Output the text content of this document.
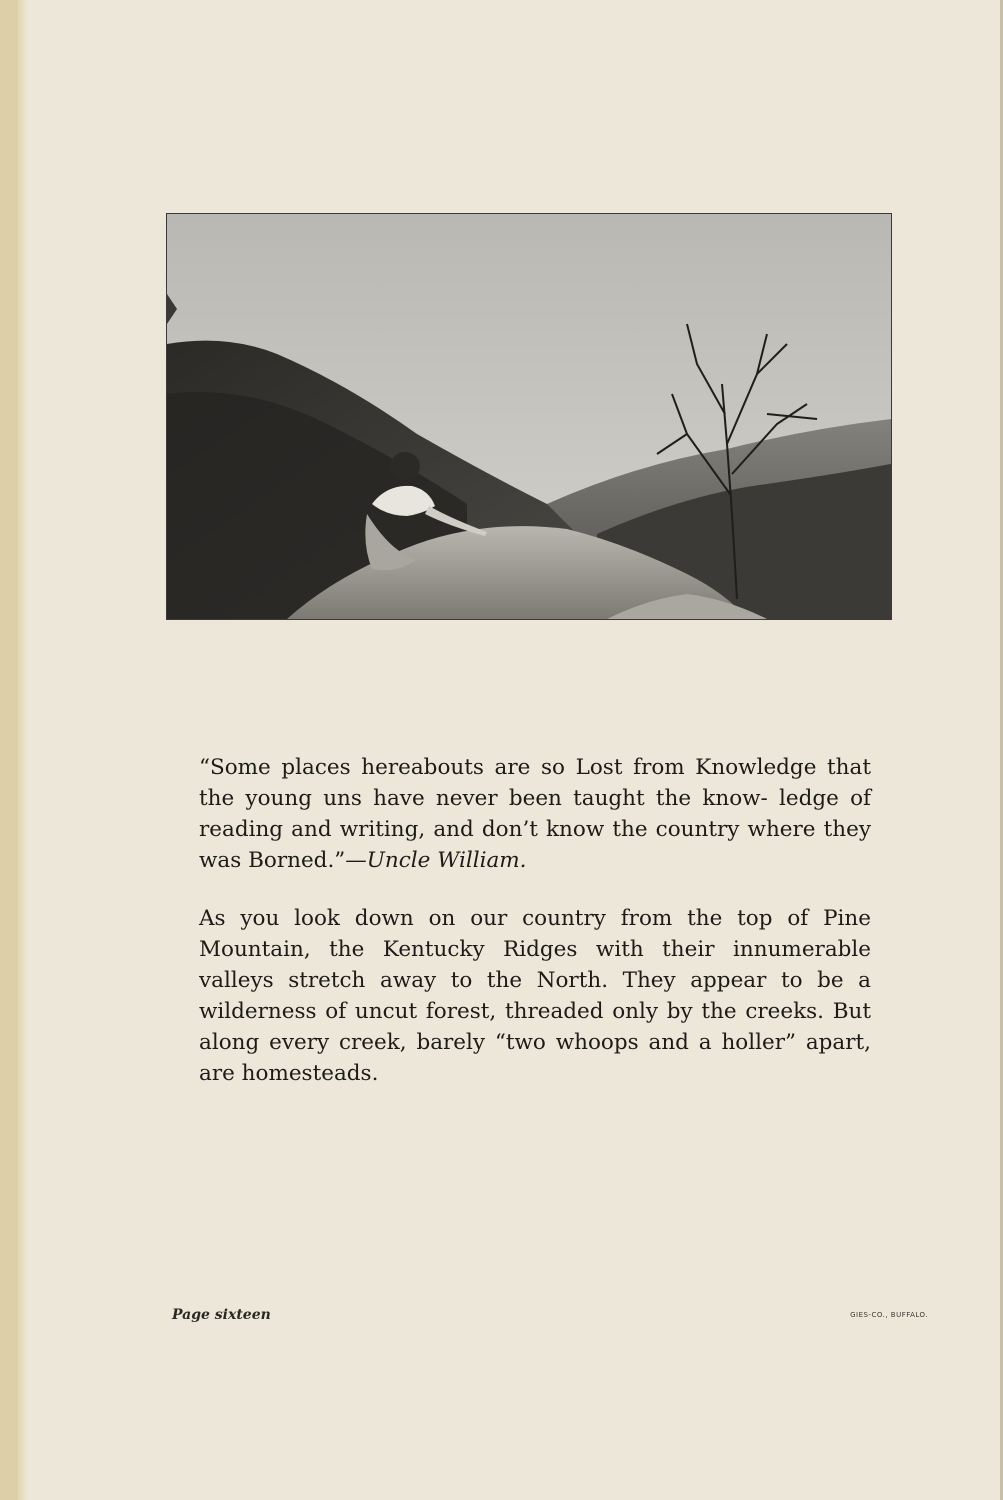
“Some places hereabouts are so Lost from Knowledge that the young uns have never been taught the know- ledge of reading and writing, and don’t know the country where they was Borned.”—Uncle William.

As you look down on our country from the top of Pine Mountain, the Kentucky Ridges with their innumerable valleys stretch away to the North. They appear to be a wilderness of uncut forest, threaded only by the creeks. But along every creek, barely “two whoops and a holler” apart, are homesteads.

Page sixteen	GIES-CO., BUFFALO.
